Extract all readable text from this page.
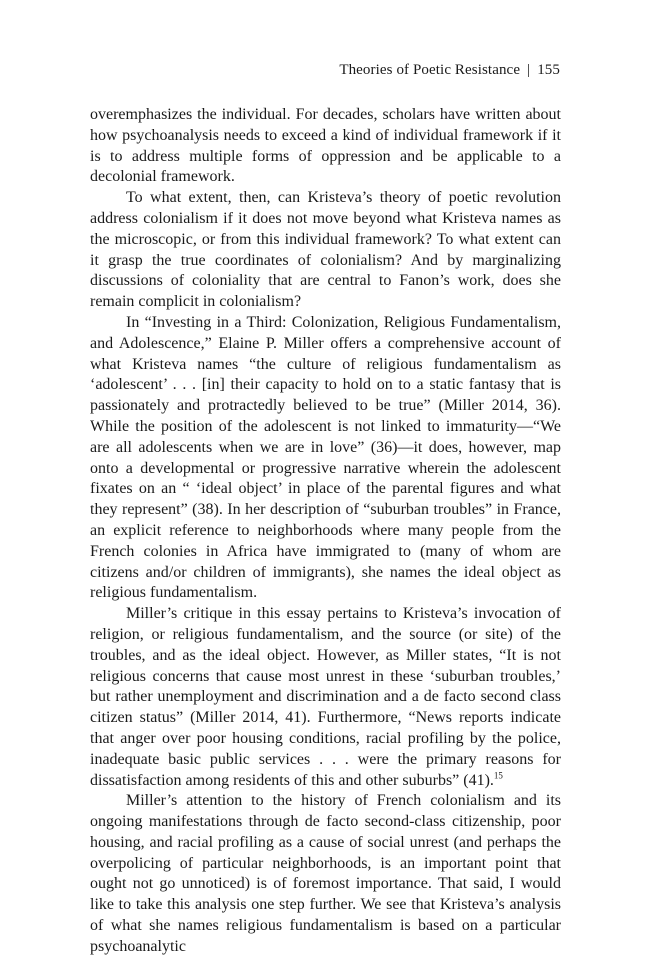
Theories of Poetic Resistance | 155

overemphasizes the individual. For decades, scholars have written about how psychoanalysis needs to exceed a kind of individual framework if it is to address multiple forms of oppression and be applicable to a decolonial framework.

To what extent, then, can Kristeva’s theory of poetic revolution address colonialism if it does not move beyond what Kristeva names as the microscopic, or from this individual framework? To what extent can it grasp the true coordinates of colonialism? And by marginalizing discussions of coloniality that are central to Fanon’s work, does she remain complicit in colonialism?

In “Investing in a Third: Colonization, Religious Fundamentalism, and Adolescence,” Elaine P. Miller offers a comprehensive account of what Kristeva names “the culture of religious fundamentalism as ‘adolescent’ . . . [in] their capacity to hold on to a static fantasy that is passionately and protractedly believed to be true” (Miller 2014, 36). While the position of the adolescent is not linked to immaturity—“We are all adolescents when we are in love” (36)—it does, however, map onto a developmental or progressive narrative wherein the adolescent fixates on an “ ‘ideal object’ in place of the parental figures and what they represent” (38). In her description of “suburban troubles” in France, an explicit reference to neighborhoods where many people from the French colonies in Africa have immigrated to (many of whom are citizens and/or children of immigrants), she names the ideal object as religious fundamentalism.

Miller’s critique in this essay pertains to Kristeva’s invocation of religion, or religious fundamentalism, and the source (or site) of the troubles, and as the ideal object. However, as Miller states, “It is not religious concerns that cause most unrest in these ‘suburban troubles,’ but rather unemployment and discrimination and a de facto second class citizen status” (Miller 2014, 41). Furthermore, “News reports indicate that anger over poor housing conditions, racial profiling by the police, inadequate basic public services . . . were the primary reasons for dissatisfaction among residents of this and other suburbs” (41).$^{15}$

Miller’s attention to the history of French colonialism and its ongoing manifestations through de facto second-class citizenship, poor housing, and racial profiling as a cause of social unrest (and perhaps the overpolicing of particular neighborhoods, is an important point that ought not go unnoticed) is of foremost importance. That said, I would like to take this analysis one step further. We see that Kristeva’s analysis of what she names religious fundamentalism is based on a particular psychoanalytic
